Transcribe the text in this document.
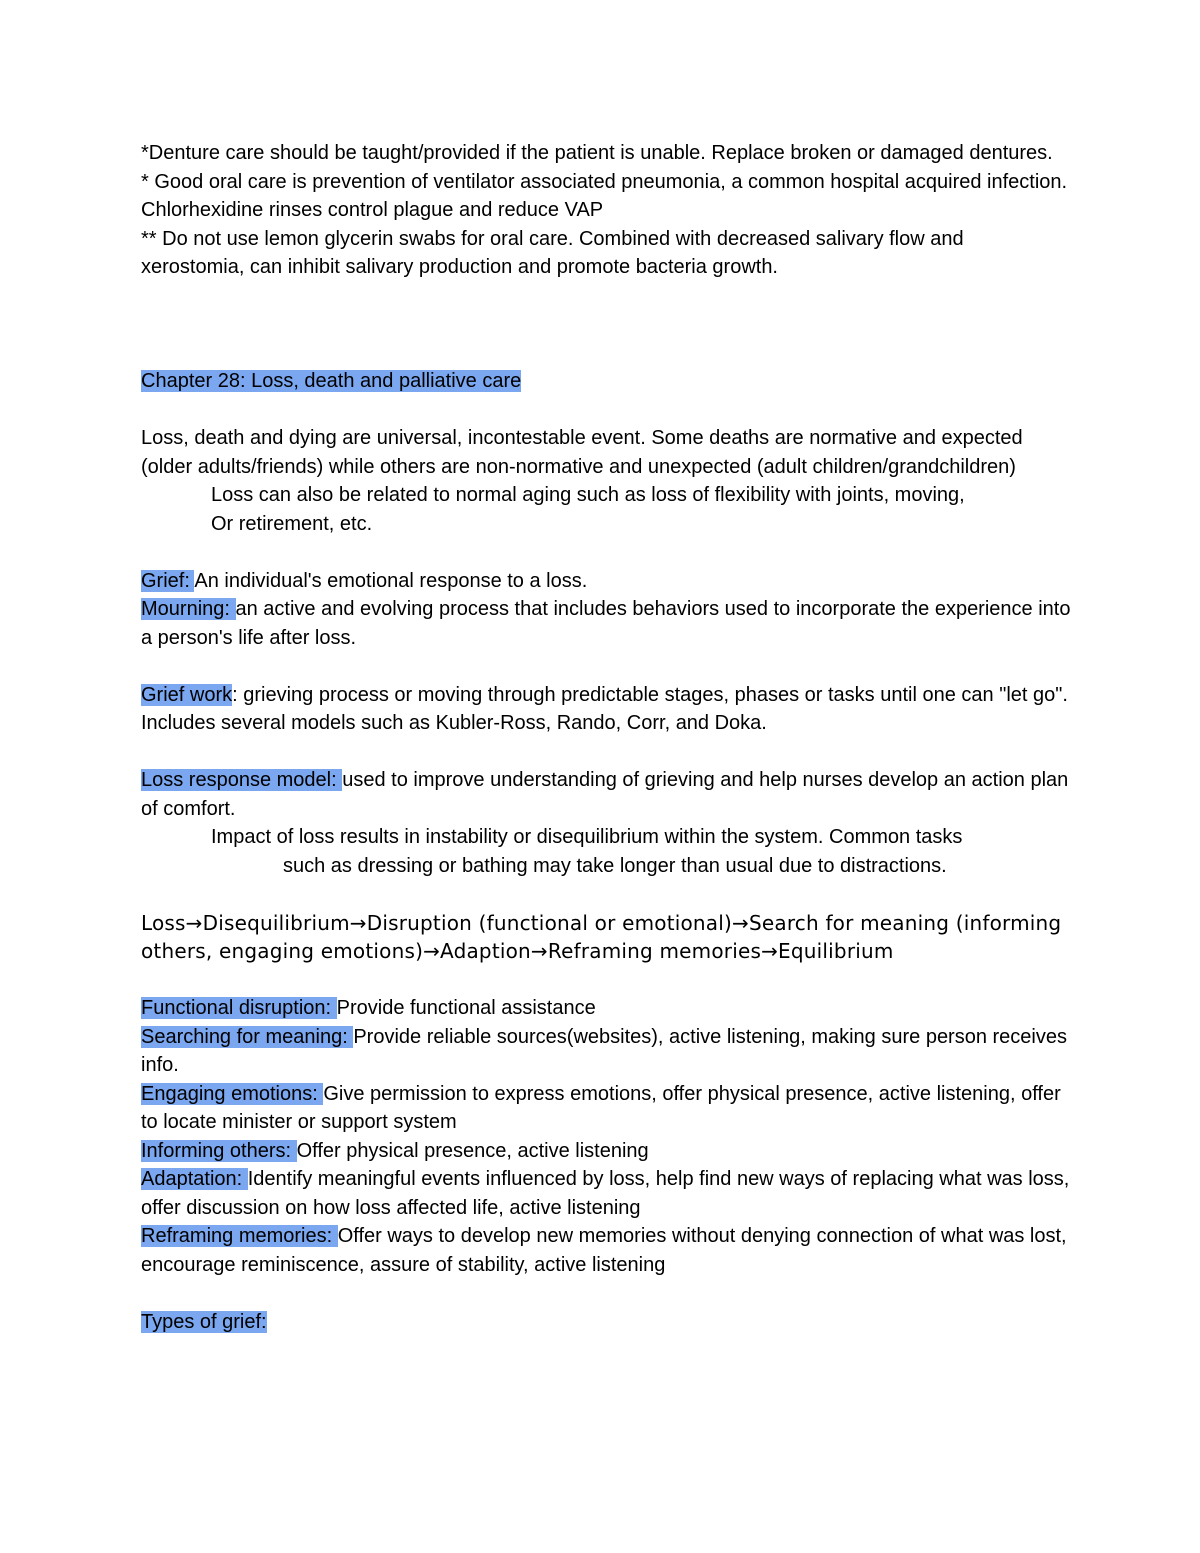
*Denture care should be taught/provided if the patient is unable. Replace broken or damaged dentures.

* Good oral care is prevention of ventilator associated pneumonia, a common hospital acquired infection. Chlorhexidine rinses control plague and reduce VAP

** Do not use lemon glycerin swabs for oral care. Combined with decreased salivary flow and xerostomia, can inhibit salivary production and promote bacteria growth.

Chapter 28: Loss, death and palliative care

Loss, death and dying are universal, incontestable event. Some deaths are normative and expected (older adults/friends) while others are non-normative and unexpected (adult children/grandchildren)

Loss can also be related to normal aging such as loss of flexibility with joints, moving,

Or retirement, etc.

Grief: An individual's emotional response to a loss.

Mourning: an active and evolving process that includes behaviors used to incorporate the experience into a person's life after loss.

Grief work: grieving process or moving through predictable stages, phases or tasks until one can "let go". Includes several models such as Kubler-Ross, Rando, Corr, and Doka.

Loss response model: used to improve understanding of grieving and help nurses develop an action plan of comfort.

Impact of loss results in instability or disequilibrium within the system. Common tasks

such as dressing or bathing may take longer than usual due to distractions.

Loss→Disequilibrium→Disruption (functional or emotional)→Search for meaning (informing others, engaging emotions)→Adaption→Reframing memories→Equilibrium

Functional disruption: Provide functional assistance

Searching for meaning: Provide reliable sources(websites), active listening, making sure person receives info.

Engaging emotions: Give permission to express emotions, offer physical presence, active listening, offer to locate minister or support system

Informing others: Offer physical presence, active listening

Adaptation: Identify meaningful events influenced by loss, help find new ways of replacing what was loss, offer discussion on how loss affected life, active listening

Reframing memories: Offer ways to develop new memories without denying connection of what was lost, encourage reminiscence, assure of stability, active listening

Types of grief:
